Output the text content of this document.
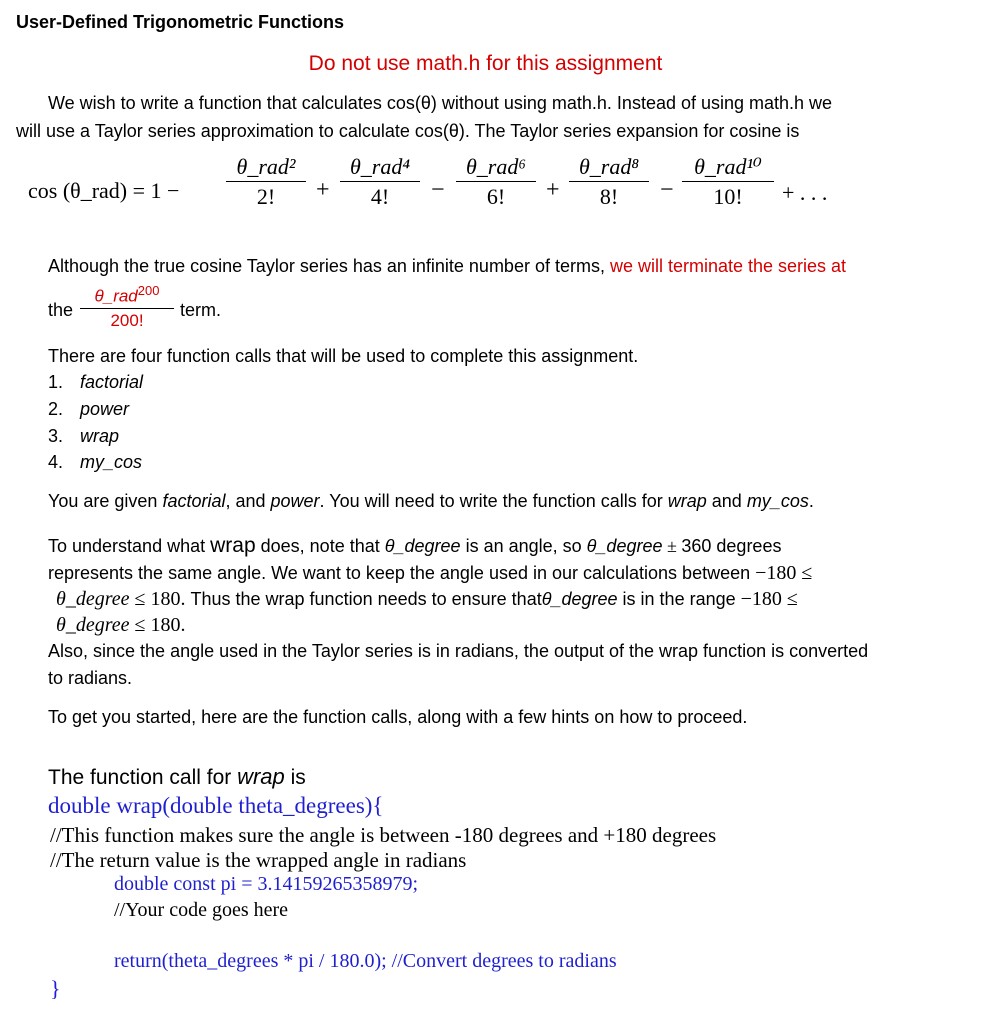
User-Defined Trigonometric Functions
Do not use math.h for this assignment
We wish to write a function that calculates cos(θ) without using math.h. Instead of using math.h we
will use a Taylor series approximation to calculate cos(θ). The Taylor series expansion for cosine is
cos (θ_rad) = 1 −
θ_rad²
2!	+
θ_rad⁴
4!	−
θ_rad⁶
6!	+
θ_rad⁸
8!	−
θ_rad¹⁰
10!	+ . . .
Although the true cosine Taylor series has an infinite number of terms, we will terminate the series at
the
θ_rad$^{200}$
200!
term.
There are four function calls that will be used to complete this assignment.
1. factorial
2. power
3. wrap
4. my_cos
You are given factorial, and power. You will need to write the function calls for wrap and my_cos.
To understand what wrap does, note that θ_degree is an angle, so θ_degree ± 360 degrees
represents the same angle. We want to keep the angle used in our calculations between −180 ≤
θ_degree ≤ 180. Thus the wrap function needs to ensure thatθ_degree is in the range −180 ≤
θ_degree ≤ 180.
Also, since the angle used in the Taylor series is in radians, the output of the wrap function is converted
to radians.
To get you started, here are the function calls, along with a few hints on how to proceed.
The function call for wrap is
double wrap(double theta_degrees){
//This function makes sure the angle is between -180 degrees and +180 degrees
//The return value is the wrapped angle in radians
double const pi = 3.14159265358979;
//Your code goes here
return(theta_degrees * pi / 180.0); //Convert degrees to radians
}
